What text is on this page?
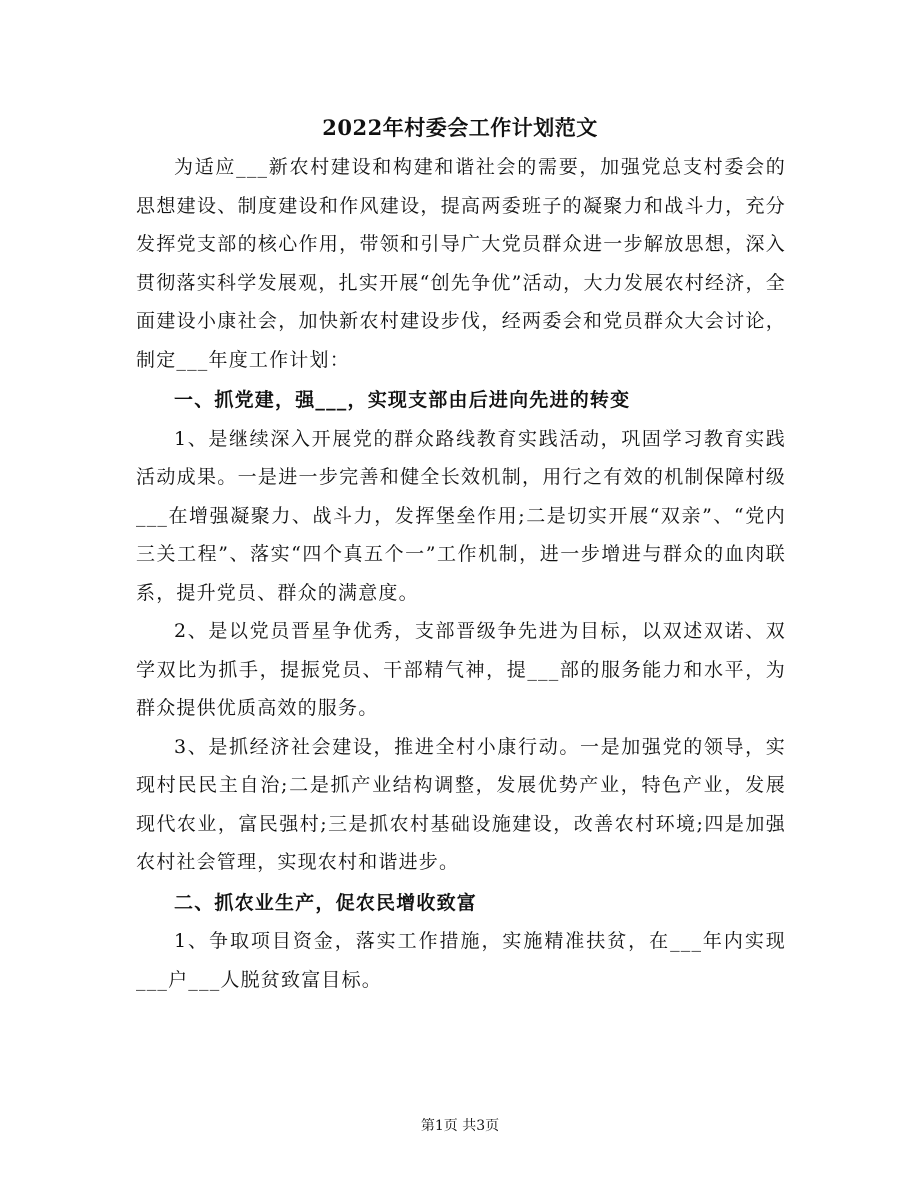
2022年村委会工作计划范文

为适应___新农村建设和构建和谐社会的需要，加强党总支村委会的思想建设、制度建设和作风建设，提高两委班子的凝聚力和战斗力，充分发挥党支部的核心作用，带领和引导广大党员群众进一步解放思想，深入贯彻落实科学发展观，扎实开展“创先争优”活动，大力发展农村经济，全面建设小康社会，加快新农村建设步伐，经两委会和党员群众大会讨论，制定___年度工作计划：

一、抓党建，强___，实现支部由后进向先进的转变

1、是继续深入开展党的群众路线教育实践活动，巩固学习教育实践活动成果。一是进一步完善和健全长效机制，用行之有效的机制保障村级___在增强凝聚力、战斗力，发挥堡垒作用;二是切实开展“双亲”、“党内三关工程”、落实“四个真五个一”工作机制，进一步增进与群众的血肉联系，提升党员、群众的满意度。

2、是以党员晋星争优秀，支部晋级争先进为目标，以双述双诺、双学双比为抓手，提振党员、干部精气神，提___部的服务能力和水平，为群众提供优质高效的服务。

3、是抓经济社会建设，推进全村小康行动。一是加强党的领导，实现村民民主自治;二是抓产业结构调整，发展优势产业，特色产业，发展现代农业，富民强村;三是抓农村基础设施建设，改善农村环境;四是加强农村社会管理，实现农村和谐进步。

二、抓农业生产，促农民增收致富

1、争取项目资金，落实工作措施，实施精准扶贫，在___年内实现___户___人脱贫致富目标。

第1页 共3页
